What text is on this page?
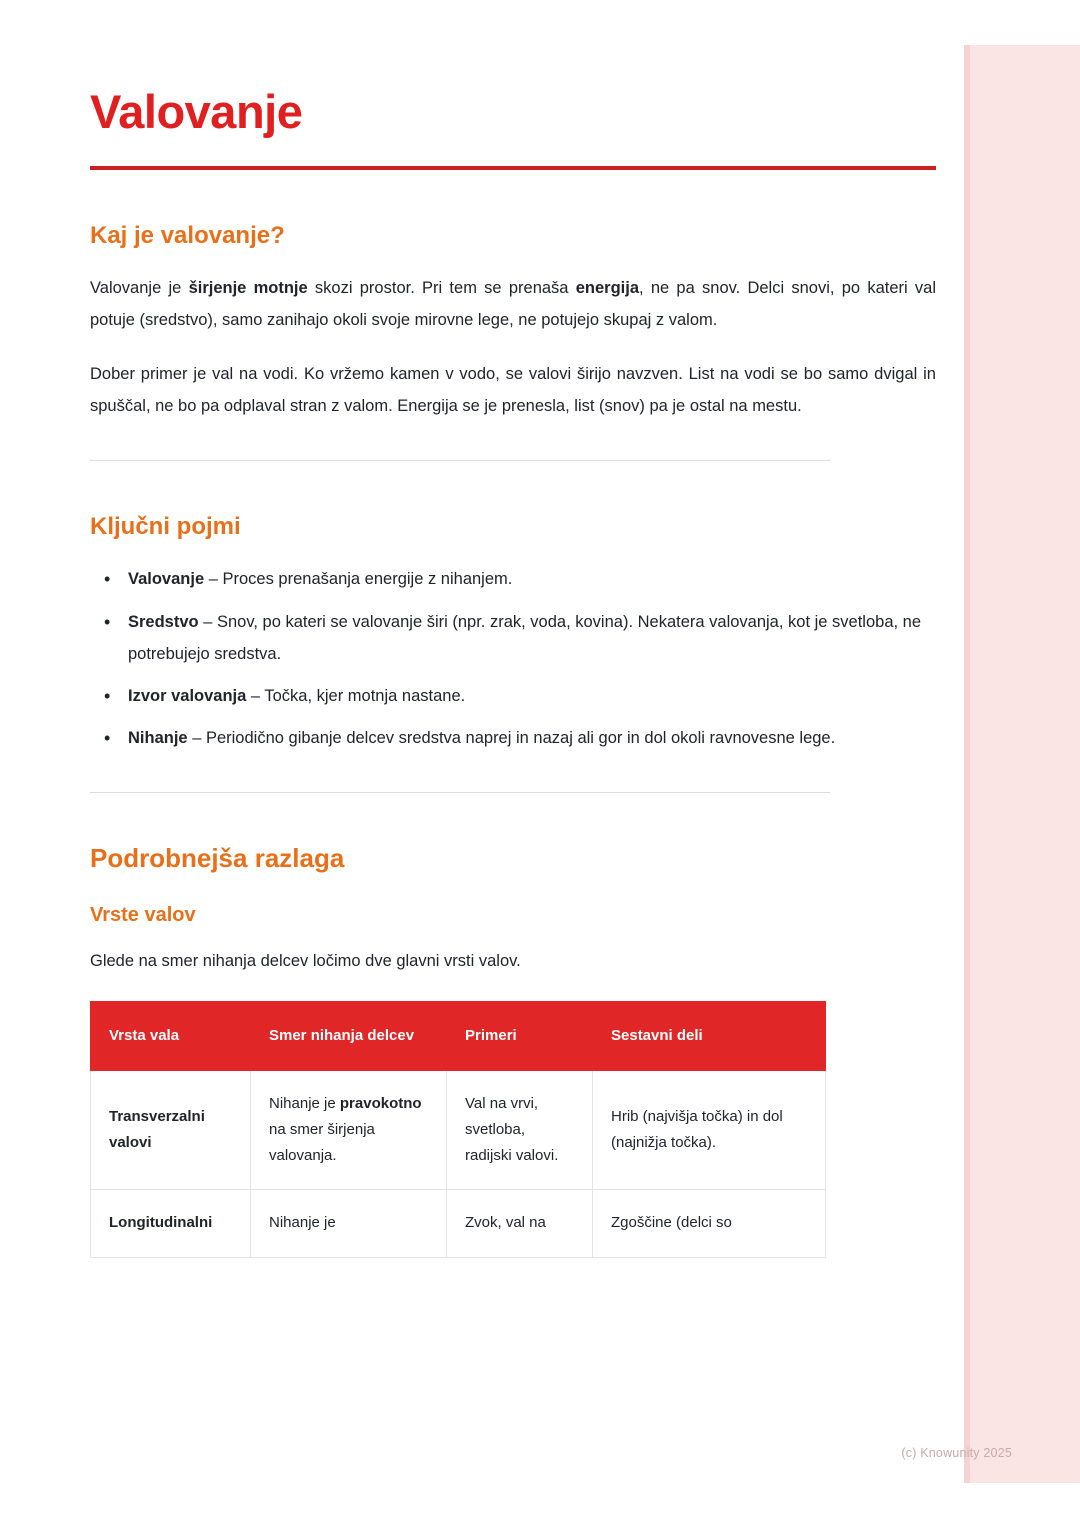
Valovanje
Kaj je valovanje?

Valovanje je širjenje motnje skozi prostor. Pri tem se prenaša energija, ne pa snov. Delci snovi, po kateri val potuje (sredstvo), samo zanihajo okoli svoje mirovne lege, ne potujejo skupaj z valom.

Dober primer je val na vodi. Ko vržemo kamen v vodo, se valovi širijo navzven. List na vodi se bo samo dvigal in spuščal, ne bo pa odplaval stran z valom. Energija se je prenesla, list (snov) pa je ostal na mestu.

Ključni pojmi
• Valovanje – Proces prenašanja energije z nihanjem.
• Sredstvo – Snov, po kateri se valovanje širi (npr. zrak, voda, kovina). Nekatera valovanja, kot je svetloba, ne potrebujejo sredstva.
• Izvor valovanja – Točka, kjer motnja nastane.
• Nihanje – Periodično gibanje delcev sredstva naprej in nazaj ali gor in dol okoli ravnovesne lege.
Podrobnejša razlaga
Vrste valov

Glede na smer nihanja delcev ločimo dve glavni vrsti valov.

Vrsta vala	Smer nihanja delcev	Primeri	Sestavni deli
Transverzalni valovi	Nihanje je pravokotno na smer širjenja valovanja.	Val na vrvi, svetloba, radijski valovi.	Hrib (najvišja točka) in dol (najnižja točka).
Longitudinalni	Nihanje je	Zvok, val na	Zgoščine (delci so
(c) Knowunity 2025
